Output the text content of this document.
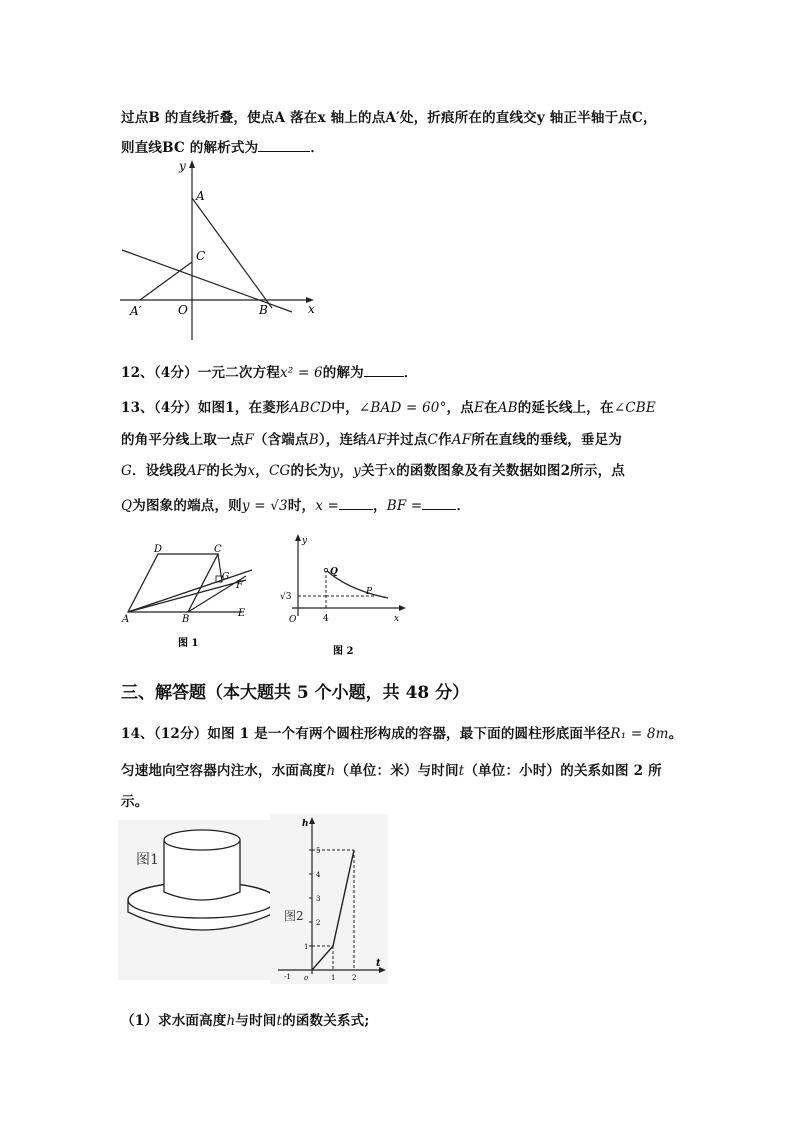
过点B 的直线折叠，使点A 落在x 轴上的点A′处，折痕所在的直线交y 轴正半轴于点C，
则直线BC 的解析式为	．
y
x
A
C
O	B
A′
12、（4分）一元二次方程x² = 6的解为	．
13、（4分）如图1，在菱形ABCD中，∠BAD = 60°，点E在AB的延长线上，在∠CBE
的角平分线上取一点F（含端点B），连结AF并过点C作AF所在直线的垂线，垂足为
G．设线段AF的长为x，CG的长为y，y关于x的函数图象及有关数据如图2所示，点
Q为图象的端点，则y = √3时，x =	，BF =	．
D	C
G
F
A	B
E
图 1
y
x
Q
P
O
√3
4
图 2
三、解答题（本大题共 5 个小题，共 48 分）
14、（12分）如图 1 是一个有两个圆柱形构成的容器，最下面的圆柱形底面半径R₁ = 8m。
匀速地向空容器内注水，水面高度h（单位：米）与时间t（单位：小时）的关系如图 2 所
示。
图1
h
t
图2
o
5
4
3
2
1
-1	1 2
（1）求水面高度h与时间t的函数关系式;
